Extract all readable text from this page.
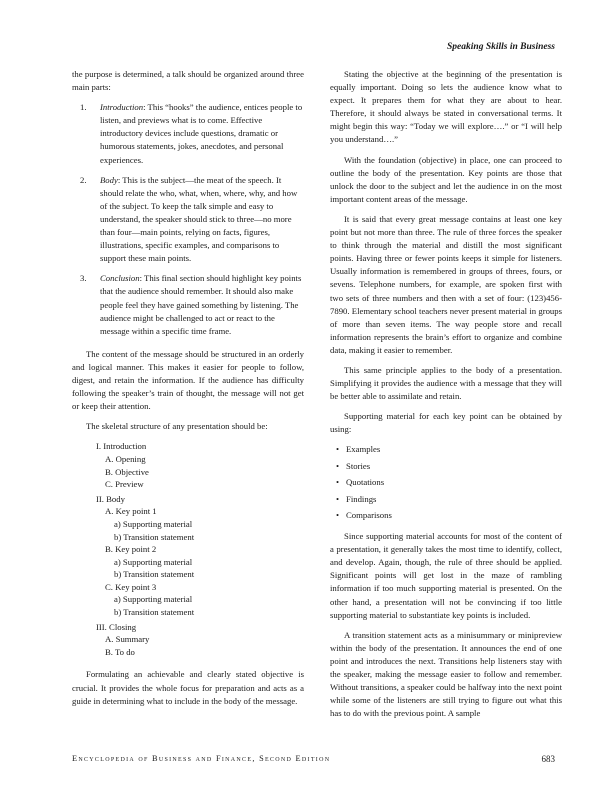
Speaking Skills in Business

the purpose is determined, a talk should be organized around three main parts:

1.	Introduction: This “hooks” the audience, entices people to listen, and previews what is to come. Effective introductory devices include questions, dramatic or humorous statements, jokes, anecdotes, and personal experiences.
2.	Body: This is the subject—the meat of the speech. It should relate the who, what, when, where, why, and how of the subject. To keep the talk simple and easy to understand, the speaker should stick to three—no more than four—main points, relying on facts, figures, illustrations, specific examples, and comparisons to support these main points.
3.	Conclusion: This final section should highlight key points that the audience should remember. It should also make people feel they have gained something by listening. The audience might be challenged to act or react to the message within a specific time frame.

The content of the message should be structured in an orderly and logical manner. This makes it easier for people to follow, digest, and retain the information. If the audience has difficulty following the speaker’s train of thought, the message will not get or keep their attention.

The skeletal structure of any presentation should be:

I. Introduction
A. Opening
B. Objective
C. Preview
II. Body
A. Key point 1
a) Supporting material
b) Transition statement
B. Key point 2
a) Supporting material
b) Transition statement
C. Key point 3
a) Supporting material
b) Transition statement
III. Closing
A. Summary
B. To do

Formulating an achievable and clearly stated objective is crucial. It provides the whole focus for preparation and acts as a guide in determining what to include in the body of the message.

Stating the objective at the beginning of the presentation is equally important. Doing so lets the audience know what to expect. It prepares them for what they are about to hear. Therefore, it should always be stated in conversational terms. It might begin this way: “Today we will explore….” or “I will help you understand….”

With the foundation (objective) in place, one can proceed to outline the body of the presentation. Key points are those that unlock the door to the subject and let the audience in on the most important content areas of the message.

It is said that every great message contains at least one key point but not more than three. The rule of three forces the speaker to think through the material and distill the most significant points. Having three or fewer points keeps it simple for listeners. Usually information is remembered in groups of threes, fours, or sevens. Telephone numbers, for example, are spoken first with two sets of three numbers and then with a set of four: (123)456-7890. Elementary school teachers never present material in groups of more than seven items. The way people store and recall information represents the brain’s effort to organize and combine data, making it easier to remember.

This same principle applies to the body of a presentation. Simplifying it provides the audience with a message that they will be better able to assimilate and retain.

Supporting material for each key point can be obtained by using:

• Examples
• Stories
• Quotations
• Findings
• Comparisons

Since supporting material accounts for most of the content of a presentation, it generally takes the most time to identify, collect, and develop. Again, though, the rule of three should be applied. Significant points will get lost in the maze of rambling information if too much supporting material is presented. On the other hand, a presentation will not be convincing if too little supporting material to substantiate key points is included.

A transition statement acts as a minisummary or minipreview within the body of the presentation. It announces the end of one point and introduces the next. Transitions help listeners stay with the speaker, making the message easier to follow and remember. Without transitions, a speaker could be halfway into the next point while some of the listeners are still trying to figure out what this has to do with the previous point. A sample

Encyclopedia of Business and Finance, Second Edition	683
